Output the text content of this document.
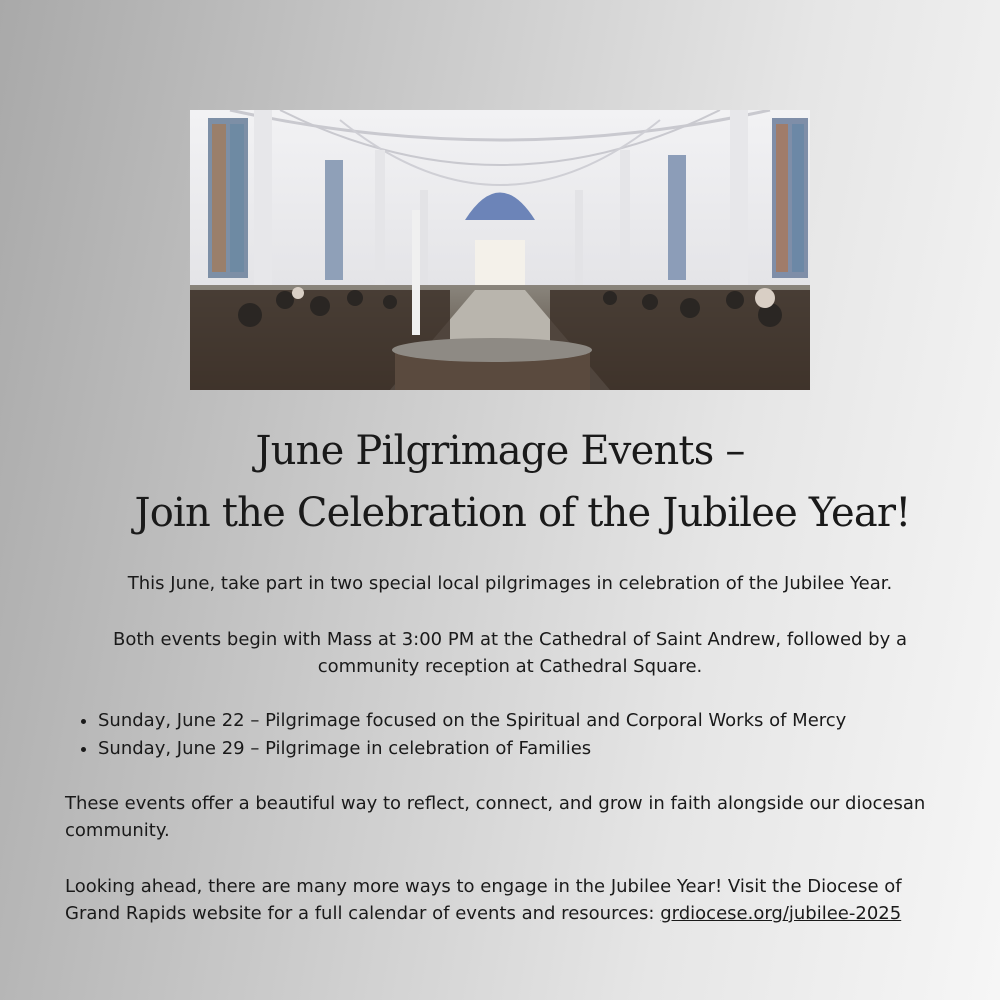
June Pilgrimage Events –
Join the Celebration of the Jubilee Year!

This June, take part in two special local pilgrimages in celebration of the Jubilee Year.

Both events begin with Mass at 3:00 PM at the Cathedral of Saint Andrew, followed by a
community reception at Cathedral Square.

• Sunday, June 22 – Pilgrimage focused on the Spiritual and Corporal Works of Mercy
• Sunday, June 29 – Pilgrimage in celebration of Families

These events offer a beautiful way to reflect, connect, and grow in faith alongside our diocesan community.

Looking ahead, there are many more ways to engage in the Jubilee Year! Visit the Diocese of Grand Rapids website for a full calendar of events and resources: grdiocese.org/jubilee-2025
